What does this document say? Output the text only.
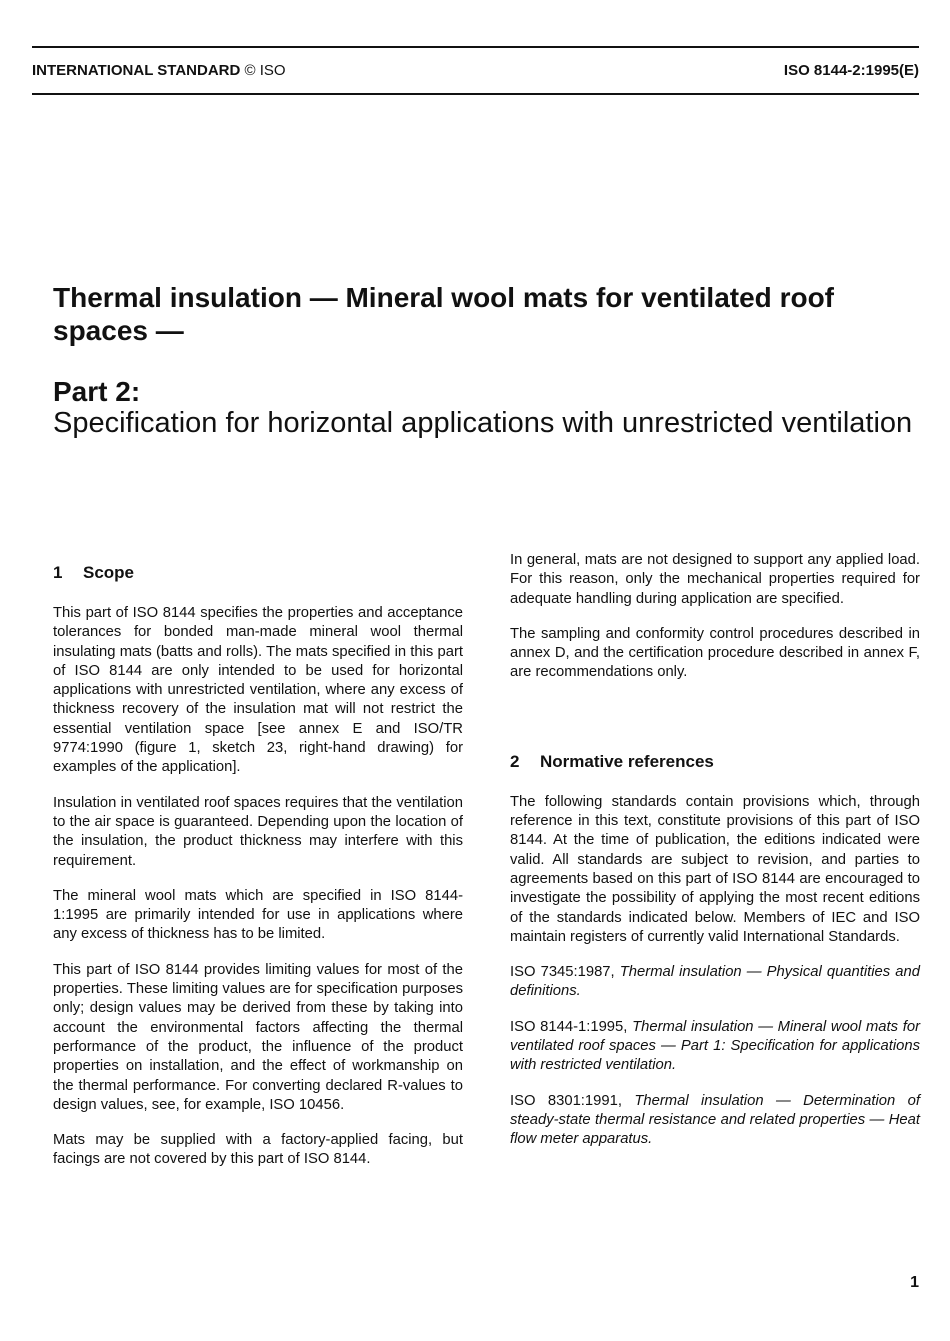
INTERNATIONAL STANDARD © ISO	ISO 8144-2:1995(E)
Thermal insulation — Mineral wool mats for ventilated roof spaces —
Part 2:
Specification for horizontal applications with unrestricted ventilation
1 Scope

This part of ISO 8144 specifies the properties and acceptance tolerances for bonded man-made mineral wool thermal insulating mats (batts and rolls). The mats specified in this part of ISO 8144 are only intended to be used for horizontal applications with unrestricted ventilation, where any excess of thickness recovery of the insulation mat will not restrict the essential ventilation space [see annex E and ISO/TR 9774:1990 (figure 1, sketch 23, right-hand drawing) for examples of the application].

Insulation in ventilated roof spaces requires that the ventilation to the air space is guaranteed. Depending upon the location of the insulation, the product thickness may interfere with this requirement.

The mineral wool mats which are specified in ISO 8144-1:1995 are primarily intended for use in applications where any excess of thickness has to be limited.

This part of ISO 8144 provides limiting values for most of the properties. These limiting values are for specification purposes only; design values may be derived from these by taking into account the environmental factors affecting the thermal performance of the product, the influence of the product properties on installation, and the effect of workmanship on the thermal performance. For converting declared R-values to design values, see, for example, ISO 10456.

Mats may be supplied with a factory-applied facing, but facings are not covered by this part of ISO 8144.

In general, mats are not designed to support any applied load. For this reason, only the mechanical properties required for adequate handling during application are specified.

The sampling and conformity control procedures described in annex D, and the certification procedure described in annex F, are recommendations only.

2 Normative references

The following standards contain provisions which, through reference in this text, constitute provisions of this part of ISO 8144. At the time of publication, the editions indicated were valid. All standards are subject to revision, and parties to agreements based on this part of ISO 8144 are encouraged to investigate the possibility of applying the most recent editions of the standards indicated below. Members of IEC and ISO maintain registers of currently valid International Standards.

ISO 7345:1987, Thermal insulation — Physical quantities and definitions.

ISO 8144-1:1995, Thermal insulation — Mineral wool mats for ventilated roof spaces — Part 1: Specification for applications with restricted ventilation.

ISO 8301:1991, Thermal insulation — Determination of steady-state thermal resistance and related properties — Heat flow meter apparatus.

1
